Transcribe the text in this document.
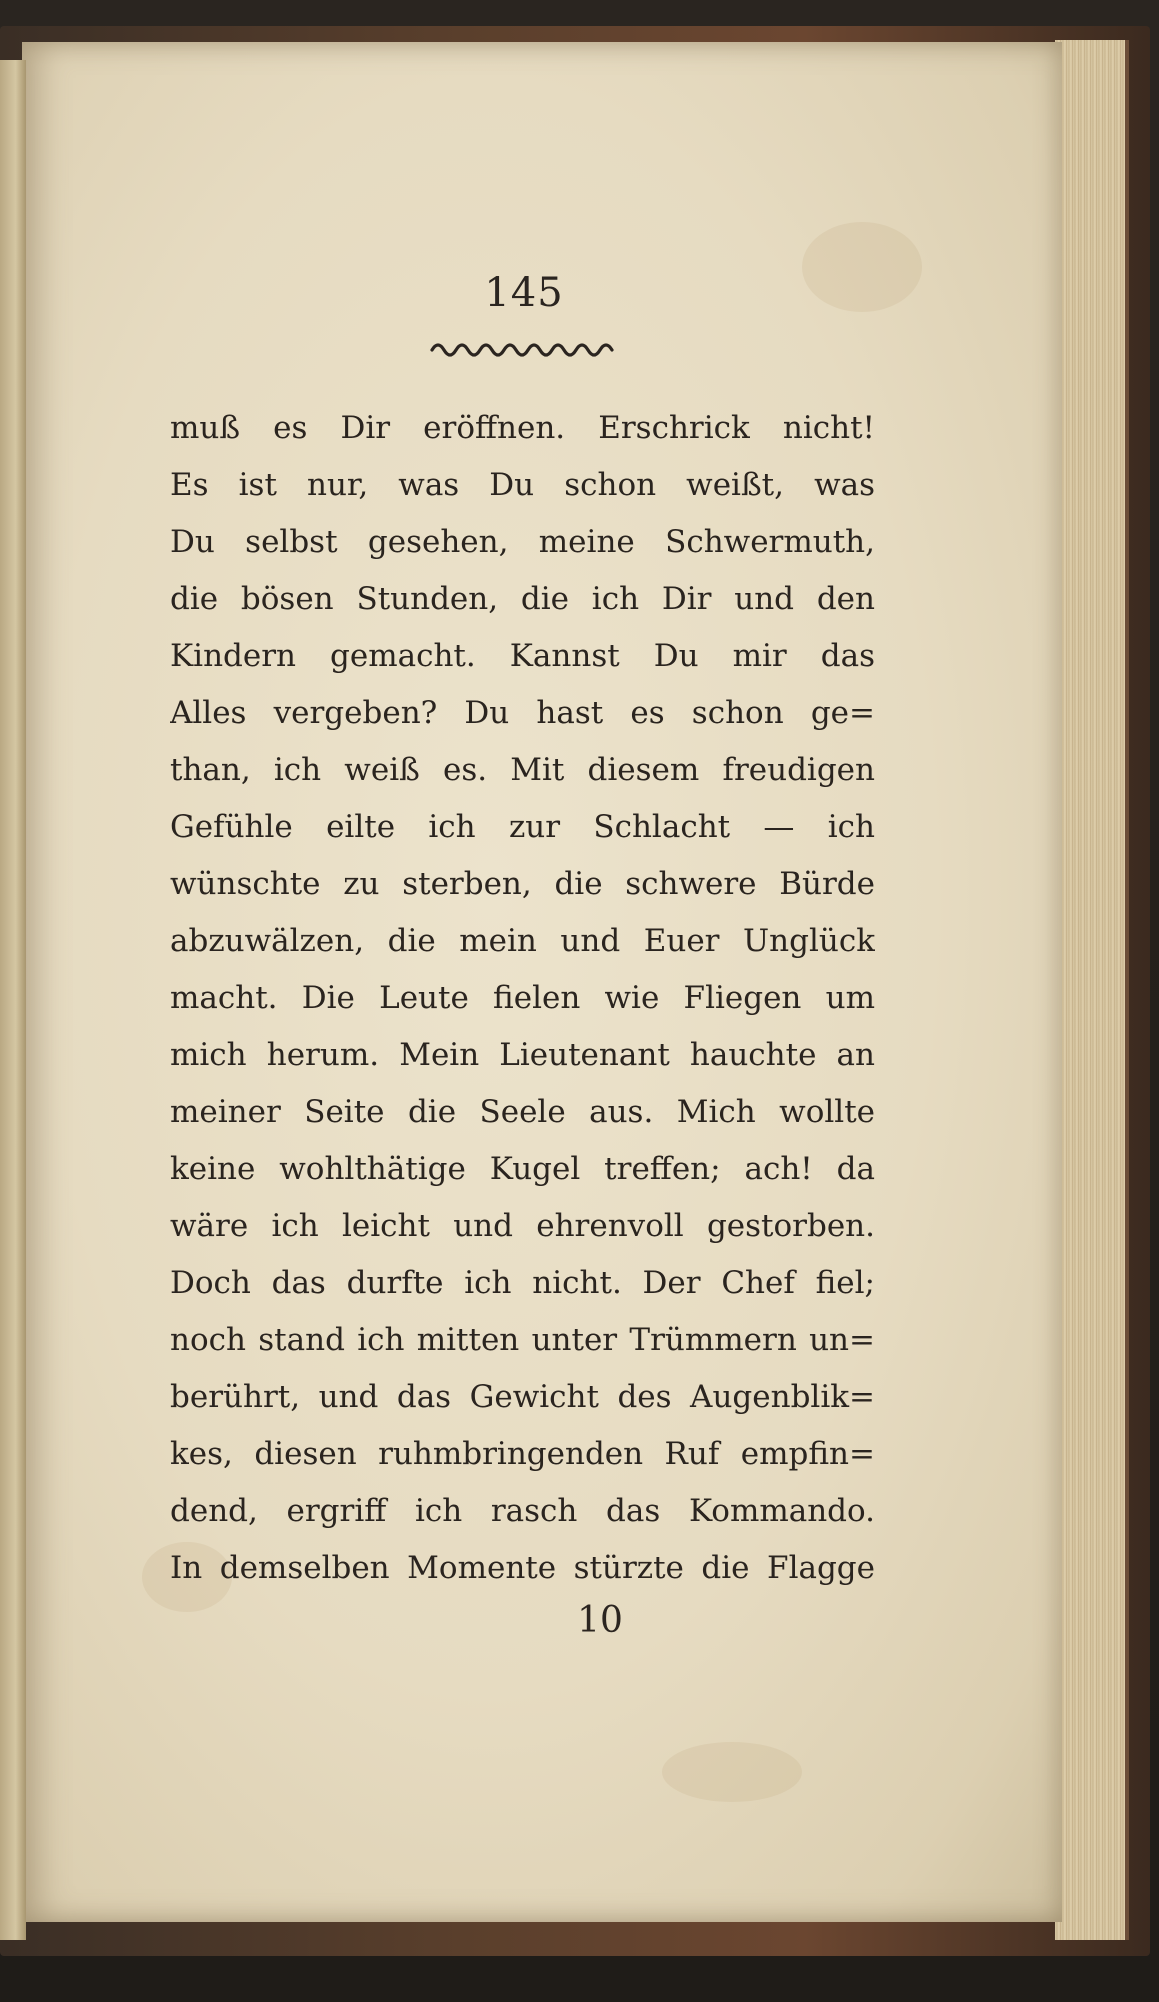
145
muß es Dir eröffnen. Erschrick nicht!
Es ist nur, was Du schon weißt, was
Du selbst gesehen, meine Schwermuth,
die bösen Stunden, die ich Dir und den
Kindern gemacht. Kannst Du mir das
Alles vergeben? Du hast es schon ge=
than, ich weiß es. Mit diesem freudigen
Gefühle eilte ich zur Schlacht — ich
wünschte zu sterben, die schwere Bürde
abzuwälzen, die mein und Euer Unglück
macht. Die Leute fielen wie Fliegen um
mich herum. Mein Lieutenant hauchte an
meiner Seite die Seele aus. Mich wollte
keine wohlthätige Kugel treffen; ach! da
wäre ich leicht und ehrenvoll gestorben.
Doch das durfte ich nicht. Der Chef fiel;
noch stand ich mitten unter Trümmern un=
berührt, und das Gewicht des Augenblik=
kes, diesen ruhmbringenden Ruf empfin=
dend, ergriff ich rasch das Kommando.
In demselben Momente stürzte die Flagge
10
